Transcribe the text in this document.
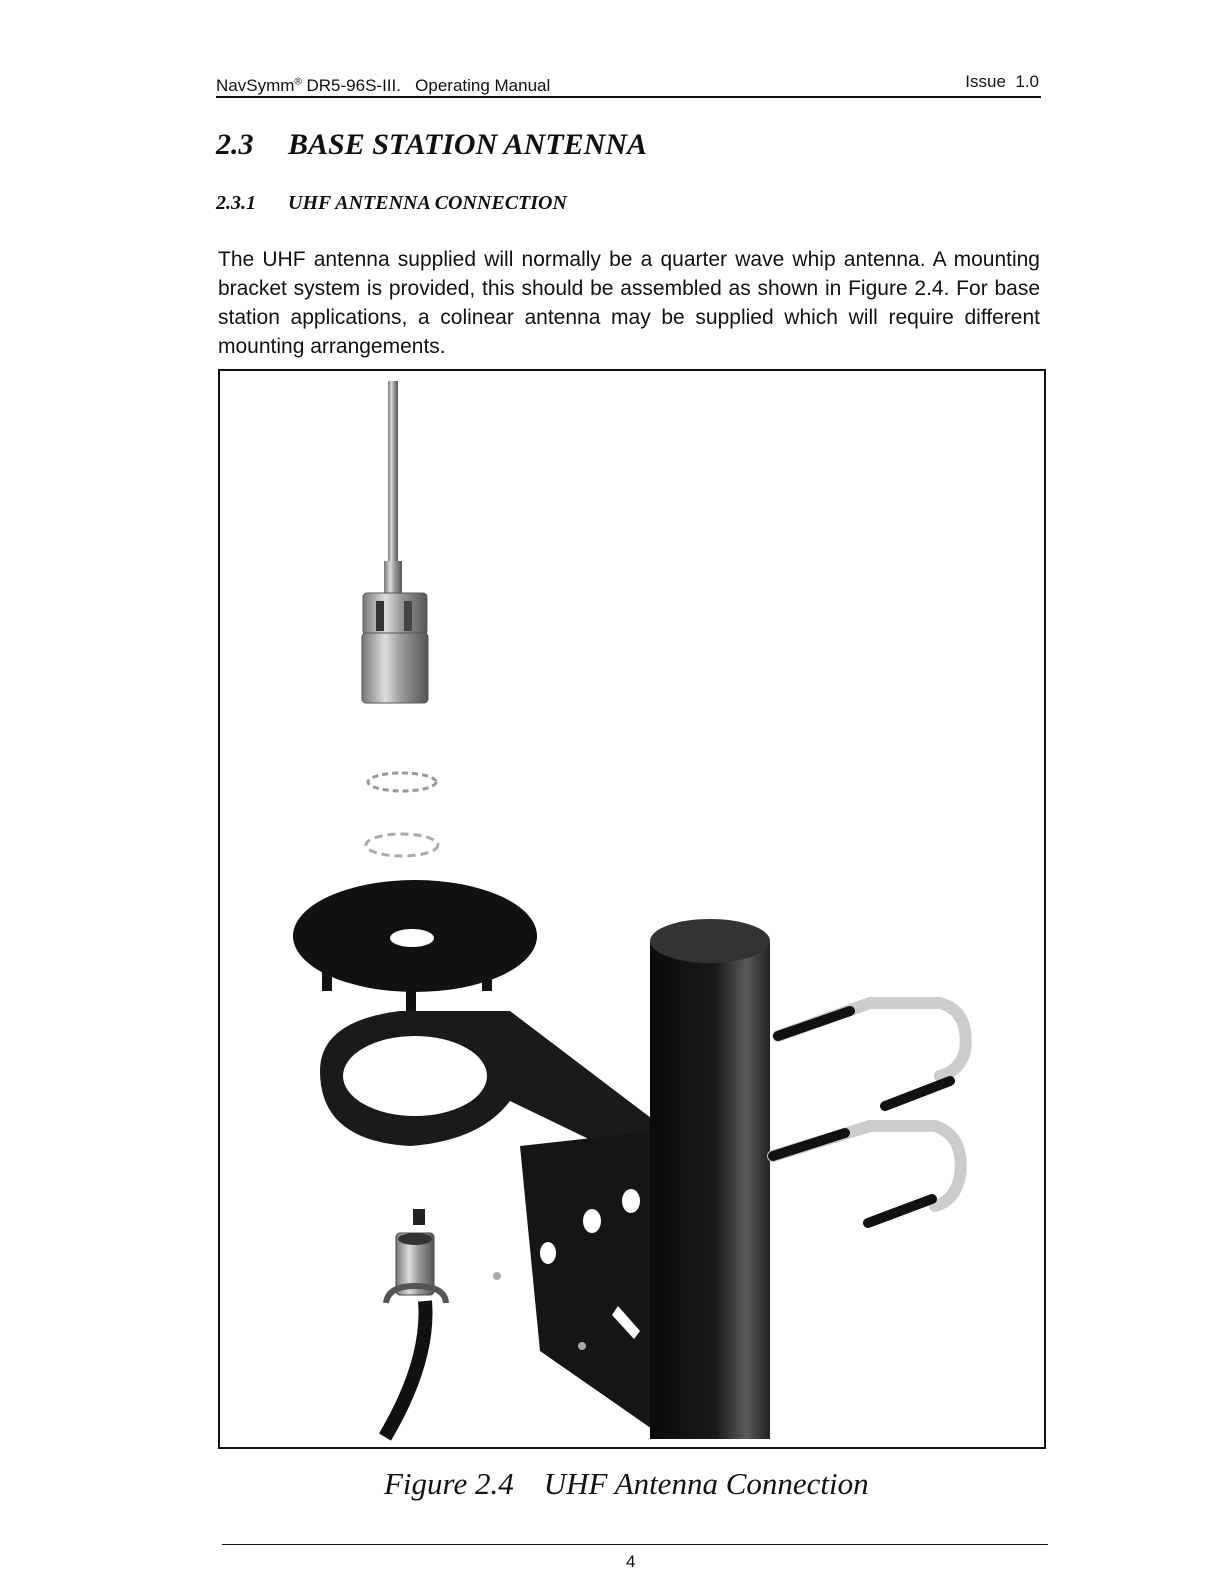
NavSymm® DR5-96S-III.   Operating Manual	Issue  1.0
2.3 BASE STATION ANTENNA
2.3.1 UHF ANTENNA CONNECTION
The UHF antenna supplied will normally be a quarter wave whip antenna. A mounting bracket system is provided, this should be assembled as shown in Figure 2.4. For base station applications, a colinear antenna may be supplied which will require different mounting arrangements.
Figure 2.4 UHF Antenna Connection
4
